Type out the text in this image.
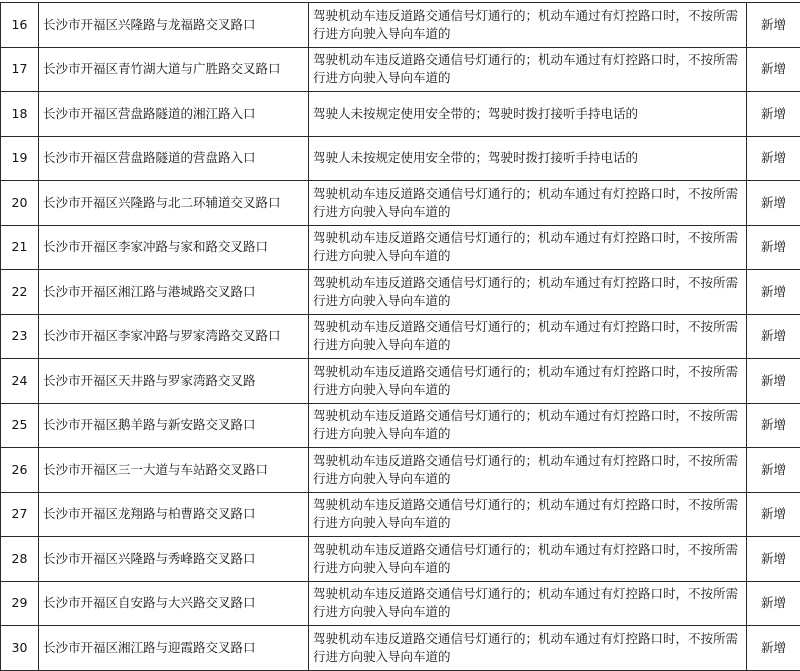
16	长沙市开福区兴隆路与龙福路交叉路口	驾驶机动车违反道路交通信号灯通行的；机动车通过有灯控路口时，不按所需行进方向驶入导向车道的	新增
17	长沙市开福区青竹湖大道与广胜路交叉路口	驾驶机动车违反道路交通信号灯通行的；机动车通过有灯控路口时，不按所需行进方向驶入导向车道的	新增
18	长沙市开福区营盘路隧道的湘江路入口	驾驶人未按规定使用安全带的；驾驶时拨打接听手持电话的	新增
19	长沙市开福区营盘路隧道的营盘路入口	驾驶人未按规定使用安全带的；驾驶时拨打接听手持电话的	新增
20	长沙市开福区兴隆路与北二环辅道交叉路口	驾驶机动车违反道路交通信号灯通行的；机动车通过有灯控路口时，不按所需行进方向驶入导向车道的	新增
21	长沙市开福区李家冲路与家和路交叉路口	驾驶机动车违反道路交通信号灯通行的；机动车通过有灯控路口时，不按所需行进方向驶入导向车道的	新增
22	长沙市开福区湘江路与港城路交叉路口	驾驶机动车违反道路交通信号灯通行的；机动车通过有灯控路口时，不按所需行进方向驶入导向车道的	新增
23	长沙市开福区李家冲路与罗家湾路交叉路口	驾驶机动车违反道路交通信号灯通行的；机动车通过有灯控路口时，不按所需行进方向驶入导向车道的	新增
24	长沙市开福区天井路与罗家湾路交叉路	驾驶机动车违反道路交通信号灯通行的；机动车通过有灯控路口时，不按所需行进方向驶入导向车道的	新增
25	长沙市开福区鹅羊路与新安路交叉路口	驾驶机动车违反道路交通信号灯通行的；机动车通过有灯控路口时，不按所需行进方向驶入导向车道的	新增
26	长沙市开福区三一大道与车站路交叉路口	驾驶机动车违反道路交通信号灯通行的；机动车通过有灯控路口时，不按所需行进方向驶入导向车道的	新增
27	长沙市开福区龙翔路与柏曹路交叉路口	驾驶机动车违反道路交通信号灯通行的；机动车通过有灯控路口时，不按所需行进方向驶入导向车道的	新增
28	长沙市开福区兴隆路与秀峰路交叉路口	驾驶机动车违反道路交通信号灯通行的；机动车通过有灯控路口时，不按所需行进方向驶入导向车道的	新增
29	长沙市开福区自安路与大兴路交叉路口	驾驶机动车违反道路交通信号灯通行的；机动车通过有灯控路口时，不按所需行进方向驶入导向车道的	新增
30	长沙市开福区湘江路与迎霞路交叉路口	驾驶机动车违反道路交通信号灯通行的；机动车通过有灯控路口时，不按所需行进方向驶入导向车道的	新增
